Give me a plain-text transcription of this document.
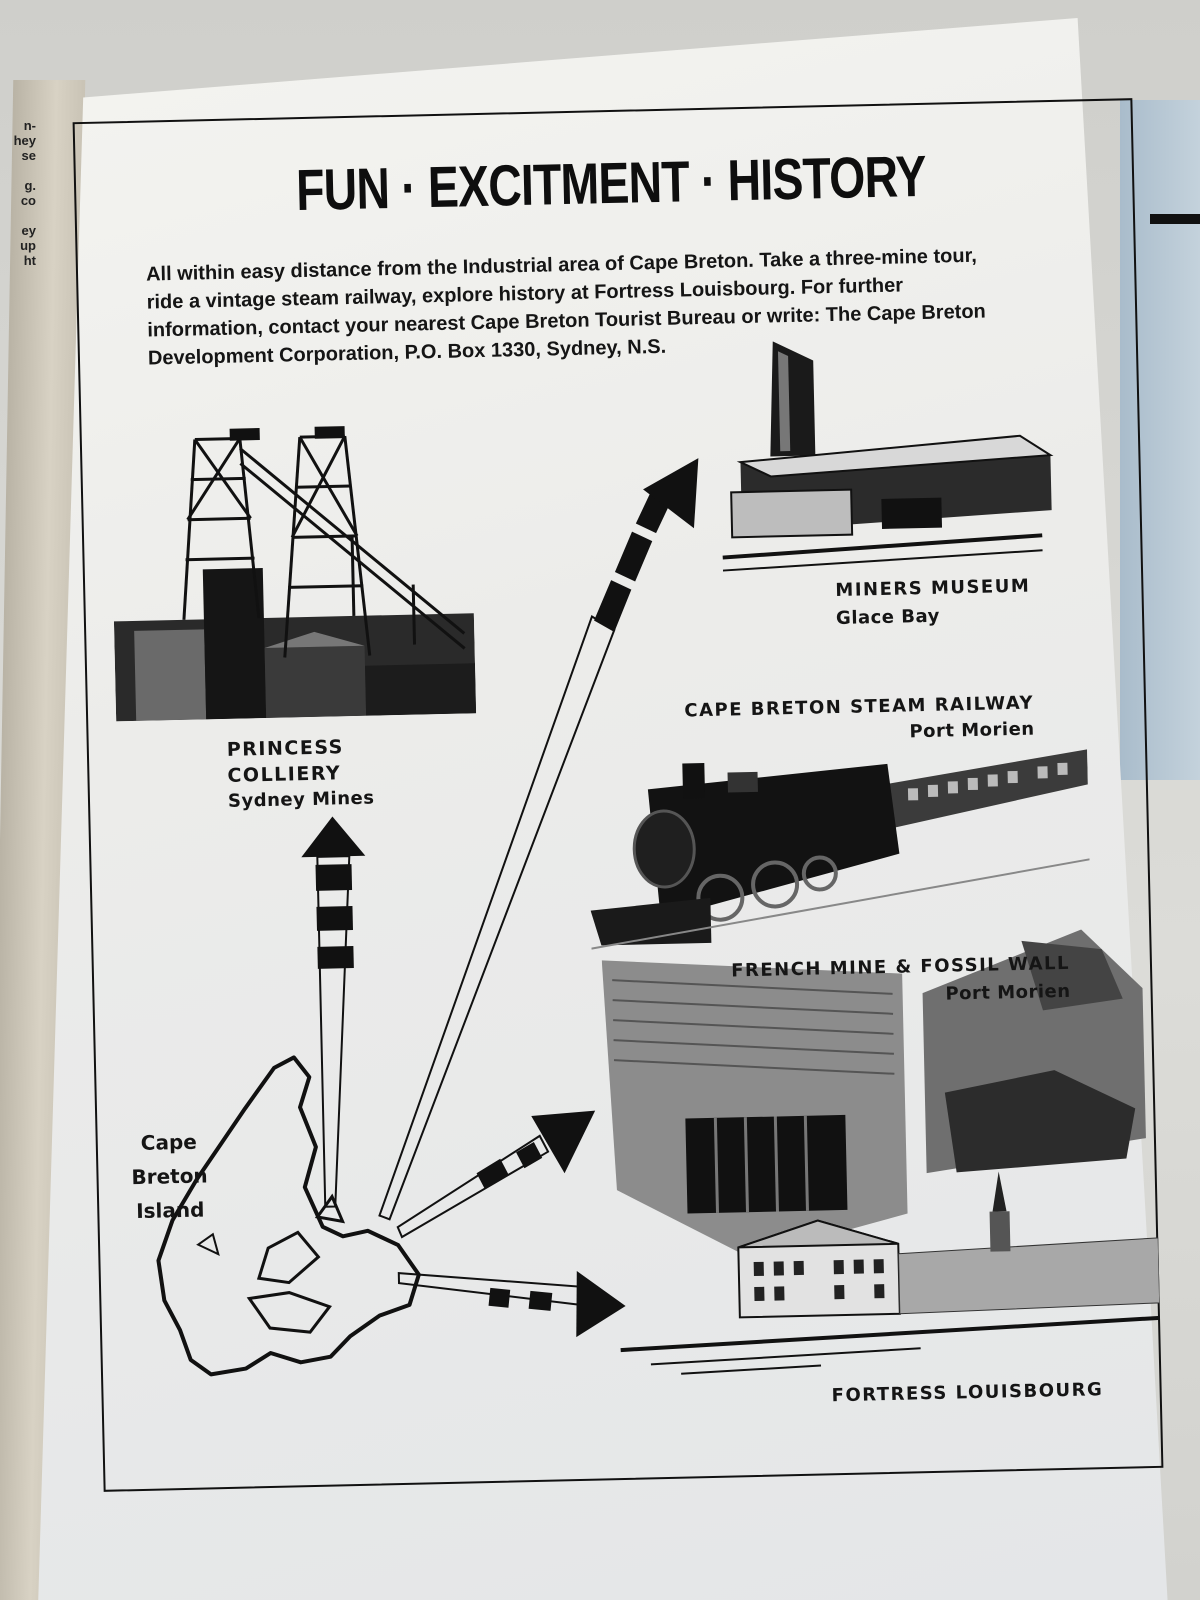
n-
hey
se

g.
co

ey
up
ht
FUN · EXCITMENT · HISTORY
All within easy distance from the Industrial area of Cape Breton. Take a three-mine tour, ride a vintage steam railway, explore history at Fortress Louisbourg. For further information, contact your nearest Cape Breton Tourist Bureau or write: The Cape Breton Development Corporation, P.O. Box 1330, Sydney, N.S.
PRINCESS
COLLIERY
Sydney Mines
MINERS MUSEUM
Glace Bay
CAPE BRETON STEAM RAILWAY
Port Morien
FRENCH MINE & FOSSIL WALL
Port Morien
FORTRESS LOUISBOURG
Cape
Breton
Island
